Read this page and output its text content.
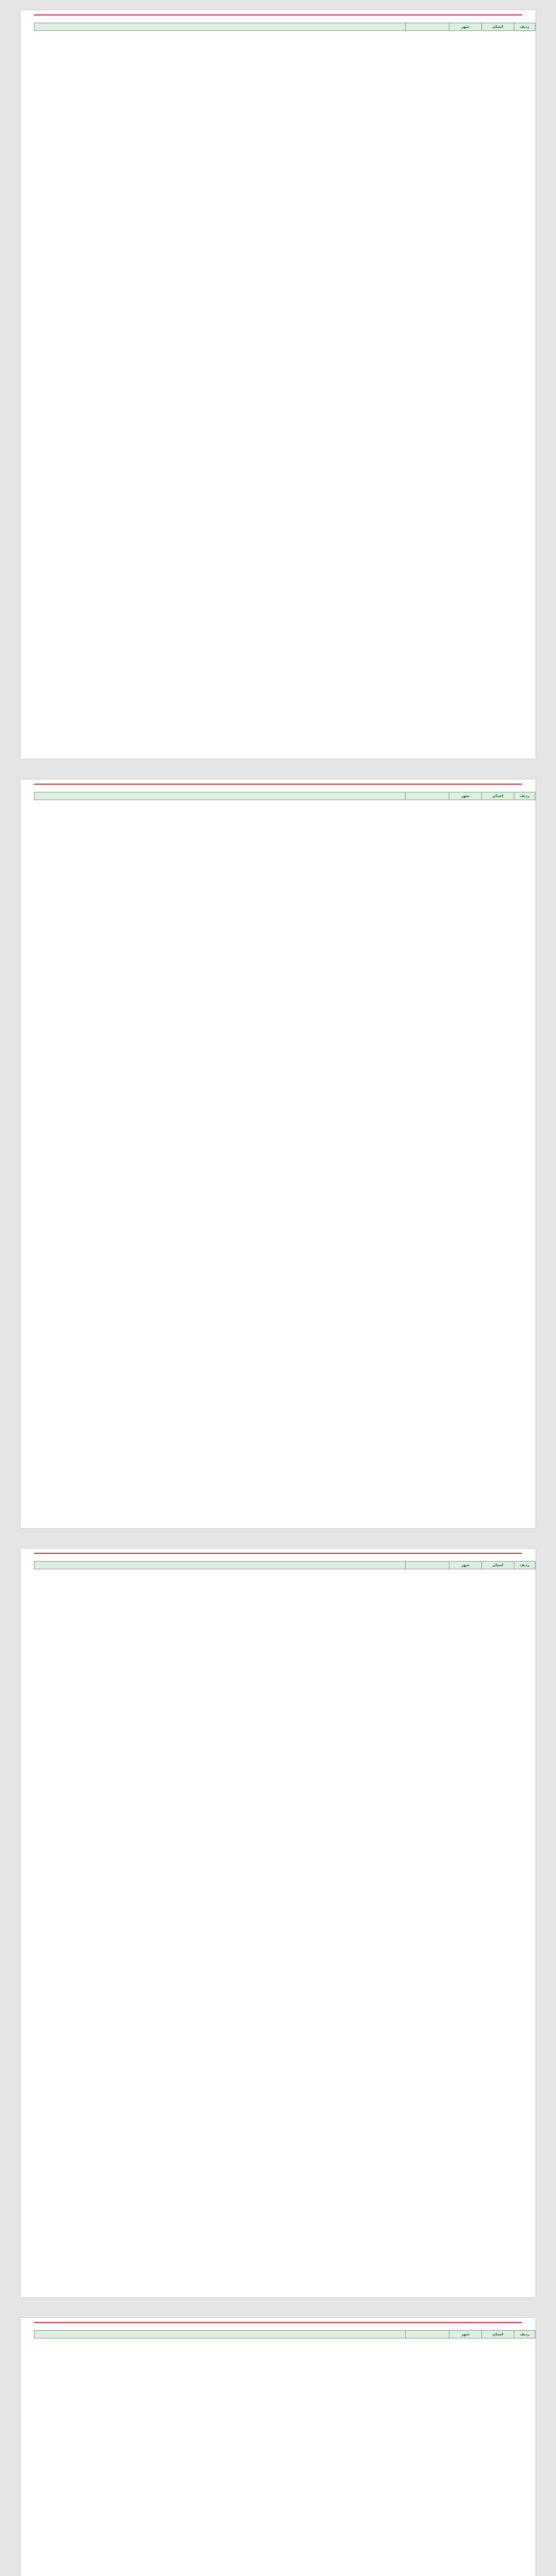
ردیف	استان	شهر		
ردیف	استان	شهر		
ردیف	استان	شهر		
ردیف	استان	شهر		
